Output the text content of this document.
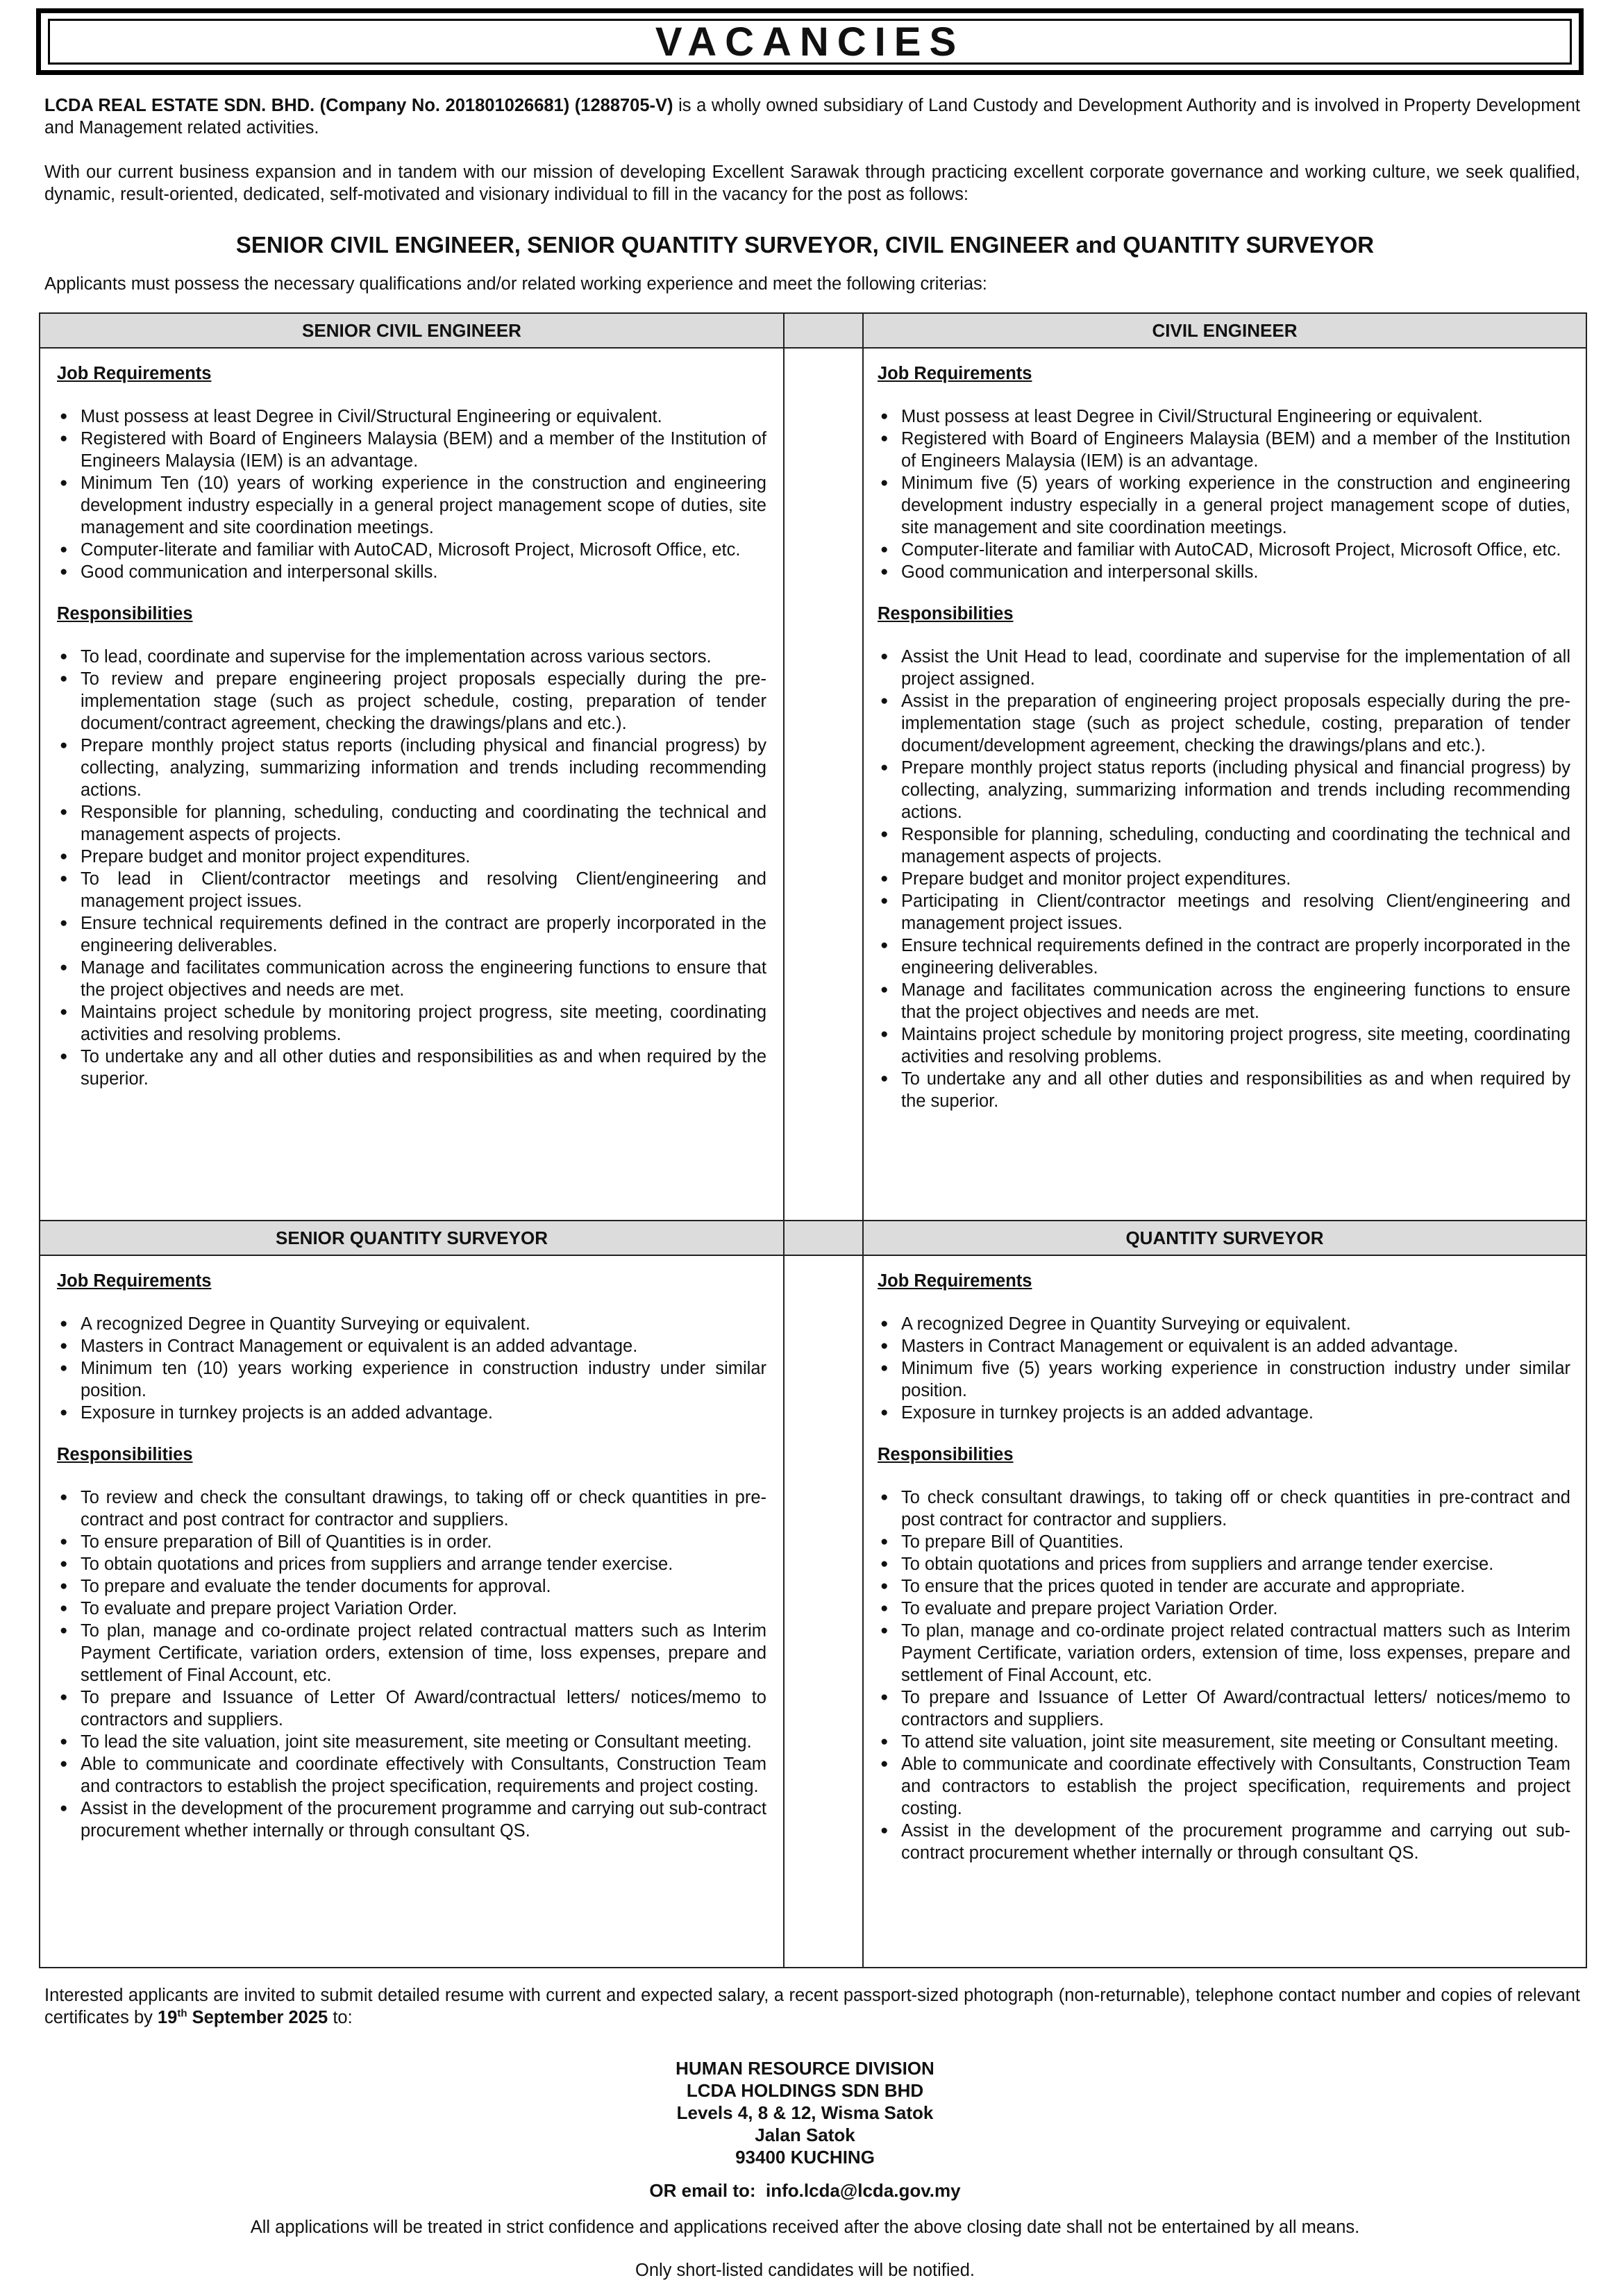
VACANCIES
LCDA REAL ESTATE SDN. BHD. (Company No. 201801026681) (1288705-V) is a wholly owned subsidiary of Land Custody and Development Authority and is involved in Property Development and Management related activities.
With our current business expansion and in tandem with our mission of developing Excellent Sarawak through practicing excellent corporate governance and working culture, we seek qualified, dynamic, result-oriented, dedicated, self-motivated and visionary individual to fill in the vacancy for the post as follows:
SENIOR CIVIL ENGINEER, SENIOR QUANTITY SURVEYOR, CIVIL ENGINEER and QUANTITY SURVEYOR
Applicants must possess the necessary qualifications and/or related working experience and meet the following criterias:
SENIOR CIVIL ENGINEER
Job Requirements
● Must possess at least Degree in Civil/Structural Engineering or equivalent.
● Registered with Board of Engineers Malaysia (BEM) and a member of the Institution of Engineers Malaysia (IEM) is an advantage.
● Minimum Ten (10) years of working experience in the construction and engineering development industry especially in a general project management scope of duties, site management and site coordination meetings.
● Computer-literate and familiar with AutoCAD, Microsoft Project, Microsoft Office, etc.
● Good communication and interpersonal skills.
Responsibilities
● To lead, coordinate and supervise for the implementation across various sectors.
● To review and prepare engineering project proposals especially during the pre-implementation stage (such as project schedule, costing, preparation of tender document/contract agreement, checking the drawings/plans and etc.).
● Prepare monthly project status reports (including physical and financial progress) by collecting, analyzing, summarizing information and trends including recommending actions.
● Responsible for planning, scheduling, conducting and coordinating the technical and management aspects of projects.
● Prepare budget and monitor project expenditures.
● To lead in Client/contractor meetings and resolving Client/engineering and management project issues.
● Ensure technical requirements defined in the contract are properly incorporated in the engineering deliverables.
● Manage and facilitates communication across the engineering functions to ensure that the project objectives and needs are met.
● Maintains project schedule by monitoring project progress, site meeting, coordinating activities and resolving problems.
● To undertake any and all other duties and responsibilities as and when required by the superior.
SENIOR QUANTITY SURVEYOR
Job Requirements
● A recognized Degree in Quantity Surveying or equivalent.
● Masters in Contract Management or equivalent is an added advantage.
● Minimum ten (10) years working experience in construction industry under similar position.
● Exposure in turnkey projects is an added advantage.
Responsibilities
● To review and check the consultant drawings, to taking off or check quantities in pre-contract and post contract for contractor and suppliers.
● To ensure preparation of Bill of Quantities is in order.
● To obtain quotations and prices from suppliers and arrange tender exercise.
● To prepare and evaluate the tender documents for approval.
● To evaluate and prepare project Variation Order.
● To plan, manage and co-ordinate project related contractual matters such as Interim Payment Certificate, variation orders, extension of time, loss expenses, prepare and settlement of Final Account, etc.
● To prepare and Issuance of Letter Of Award/contractual letters/ notices/memo to contractors and suppliers.
● To lead the site valuation, joint site measurement, site meeting or Consultant meeting.
● Able to communicate and coordinate effectively with Consultants, Construction Team and contractors to establish the project specification, requirements and project costing.
● Assist in the development of the procurement programme and carrying out sub-contract procurement whether internally or through consultant QS.
CIVIL ENGINEER
Job Requirements
● Must possess at least Degree in Civil/Structural Engineering or equivalent.
● Registered with Board of Engineers Malaysia (BEM) and a member of the Institution of Engineers Malaysia (IEM) is an advantage.
● Minimum five (5) years of working experience in the construction and engineering development industry especially in a general project management scope of duties, site management and site coordination meetings.
● Computer-literate and familiar with AutoCAD, Microsoft Project, Microsoft Office, etc.
● Good communication and interpersonal skills.
Responsibilities
● Assist the Unit Head to lead, coordinate and supervise for the implementation of all project assigned.
● Assist in the preparation of engineering project proposals especially during the pre-implementation stage (such as project schedule, costing, preparation of tender document/development agreement, checking the drawings/plans and etc.).
● Prepare monthly project status reports (including physical and financial progress) by collecting, analyzing, summarizing information and trends including recommending actions.
● Responsible for planning, scheduling, conducting and coordinating the technical and management aspects of projects.
● Prepare budget and monitor project expenditures.
● Participating in Client/contractor meetings and resolving Client/engineering and management project issues.
● Ensure technical requirements defined in the contract are properly incorporated in the engineering deliverables.
● Manage and facilitates communication across the engineering functions to ensure that the project objectives and needs are met.
● Maintains project schedule by monitoring project progress, site meeting, coordinating activities and resolving problems.
● To undertake any and all other duties and responsibilities as and when required by the superior.
QUANTITY SURVEYOR
Job Requirements
● A recognized Degree in Quantity Surveying or equivalent.
● Masters in Contract Management or equivalent is an added advantage.
● Minimum five (5) years working experience in construction industry under similar position.
● Exposure in turnkey projects is an added advantage.
Responsibilities
● To check consultant drawings, to taking off or check quantities in pre-contract and post contract for contractor and suppliers.
● To prepare Bill of Quantities.
● To obtain quotations and prices from suppliers and arrange tender exercise.
● To ensure that the prices quoted in tender are accurate and appropriate.
● To evaluate and prepare project Variation Order.
● To plan, manage and co-ordinate project related contractual matters such as Interim Payment Certificate, variation orders, extension of time, loss expenses, prepare and settlement of Final Account, etc.
● To prepare and Issuance of Letter Of Award/contractual letters/ notices/memo to contractors and suppliers.
● To attend site valuation, joint site measurement, site meeting or Consultant meeting.
● Able to communicate and coordinate effectively with Consultants, Construction Team and contractors to establish the project specification, requirements and project costing.
● Assist in the development of the procurement programme and carrying out sub-contract procurement whether internally or through consultant QS.
Interested applicants are invited to submit detailed resume with current and expected salary, a recent passport-sized photograph (non-returnable), telephone contact number and copies of relevant certificates by 19th September 2025 to:
HUMAN RESOURCE DIVISION
LCDA HOLDINGS SDN BHD
Levels 4, 8 & 12, Wisma Satok
Jalan Satok
93400 KUCHING
OR email to: info.lcda@lcda.gov.my
All applications will be treated in strict confidence and applications received after the above closing date shall not be entertained by all means.
Only short-listed candidates will be notified.
